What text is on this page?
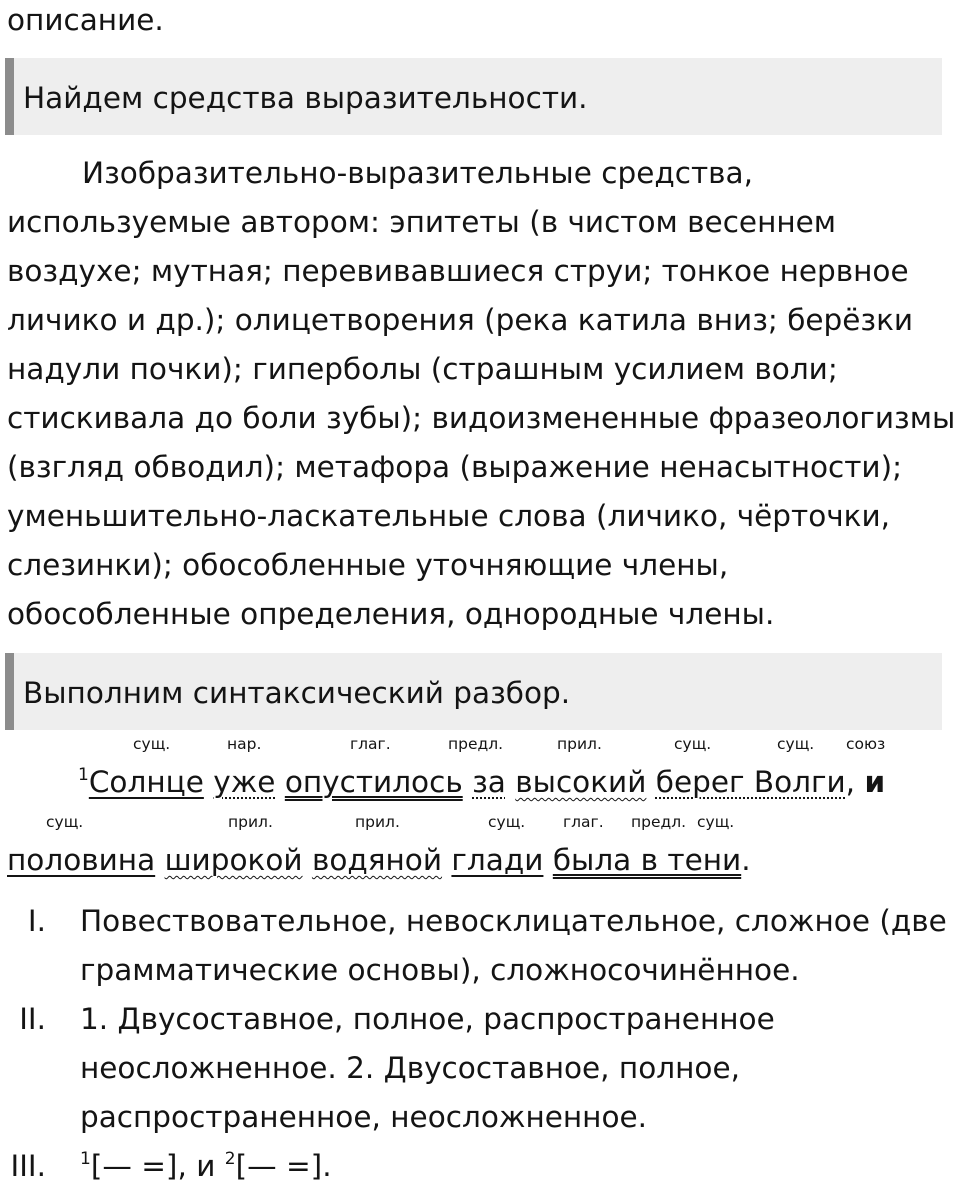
описание.
Найдем средства выразительности.
Изобразительно-выразительные средства,
используемые автором: эпитеты (в чистом весеннем
воздухе; мутная; перевивавшиеся струи; тонкое нервное
личико и др.); олицетворения (река катила вниз; берёзки
надули почки); гиперболы (страшным усилием воли;
стискивала до боли зубы); видоизмененные фразеологизмы
(взгляд обводил); метафора (выражение ненасытности);
уменьшительно-ласкательные слова (личико, чёрточки,
слезинки); обособленные уточняющие члены,
обособленные определения, однородные члены.
Выполним синтаксический разбор.
сущ.	нар.	глаг.	предл.	прил.	сущ.	сущ. союз
$^1$Солнце уже опустилось за высокий берег Волги, и
сущ.	прил.	прил.	сущ. глаг. предл. сущ.
половина широкой водяной глади была в тени.
I. Повествовательное, невосклицательное, сложное (две
грамматические основы), сложносочинённое.
II. 1. Двусоставное, полное, распространенное
неосложненное. 2. Двусоставное, полное,
распространенное, неосложненное.
III. $^1$[— =], и $^2$[— =].
